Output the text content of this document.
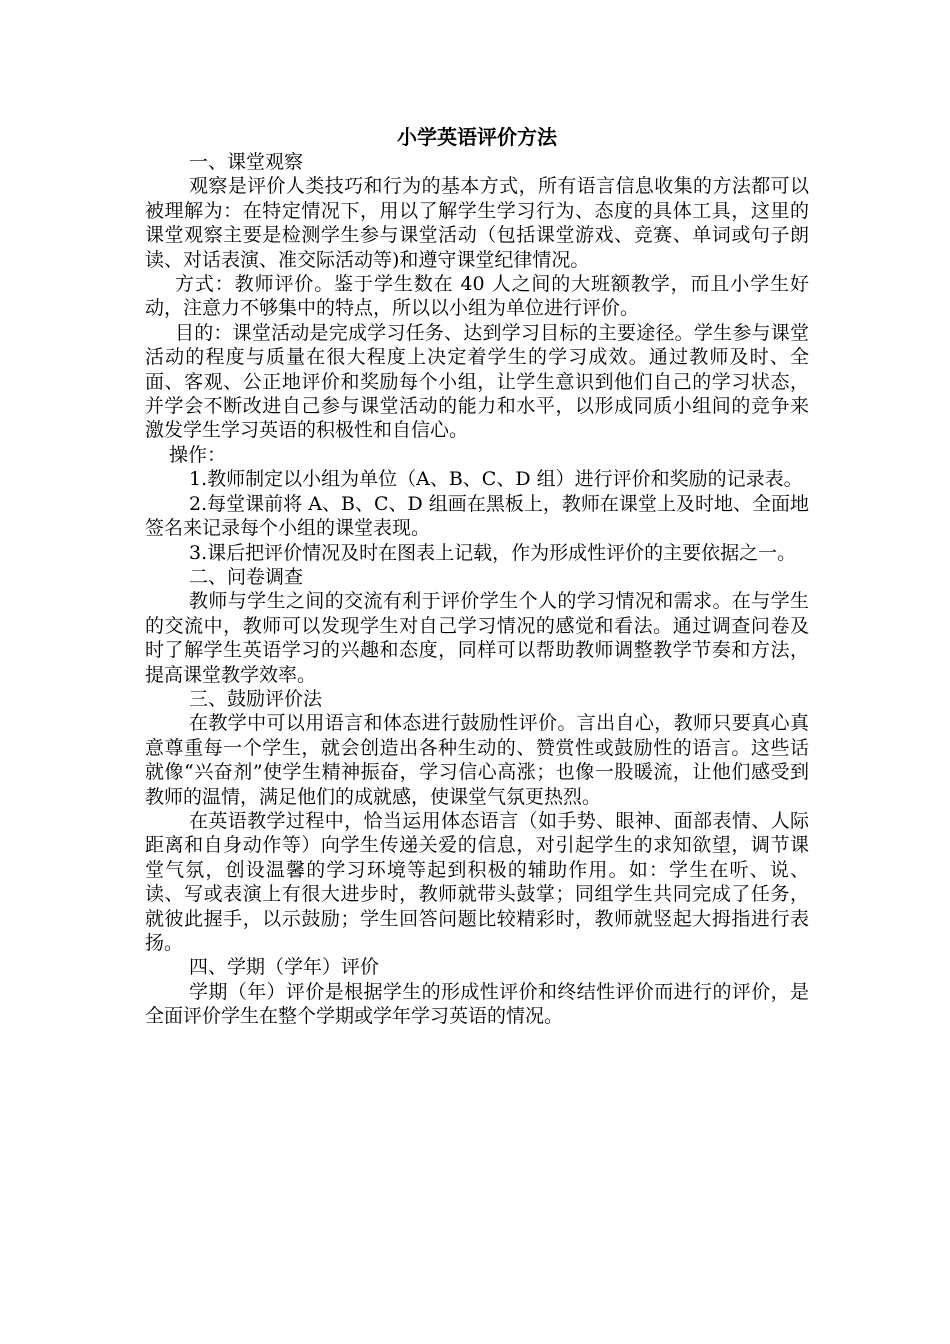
小学英语评价方法

一、课堂观察

观察是评价人类技巧和行为的基本方式，所有语言信息收集的方法都可以被理解为：在特定情况下，用以了解学生学习行为、态度的具体工具，这里的课堂观察主要是检测学生参与课堂活动（包括课堂游戏、竞赛、单词或句子朗读、对话表演、准交际活动等)和遵守课堂纪律情况。

方式：教师评价。鉴于学生数在 40 人之间的大班额教学，而且小学生好动，注意力不够集中的特点，所以以小组为单位进行评价。

目的：课堂活动是完成学习任务、达到学习目标的主要途径。学生参与课堂活动的程度与质量在很大程度上决定着学生的学习成效。通过教师及时、全面、客观、公正地评价和奖励每个小组，让学生意识到他们自己的学习状态，并学会不断改进自己参与课堂活动的能力和水平，以形成同质小组间的竞争来激发学生学习英语的积极性和自信心。

操作：

1.教师制定以小组为单位（A、B、C、D 组）进行评价和奖励的记录表。

2.每堂课前将 A、B、C、D 组画在黑板上，教师在课堂上及时地、全面地签名来记录每个小组的课堂表现。

3.课后把评价情况及时在图表上记载，作为形成性评价的主要依据之一。

二、问卷调查

教师与学生之间的交流有利于评价学生个人的学习情况和需求。在与学生的交流中，教师可以发现学生对自己学习情况的感觉和看法。通过调查问卷及时了解学生英语学习的兴趣和态度，同样可以帮助教师调整教学节奏和方法，提高课堂教学效率。

三、鼓励评价法

在教学中可以用语言和体态进行鼓励性评价。言出自心，教师只要真心真意尊重每一个学生，就会创造出各种生动的、赞赏性或鼓励性的语言。这些话就像“兴奋剂”使学生精神振奋，学习信心高涨；也像一股暖流，让他们感受到教师的温情，满足他们的成就感，使课堂气氛更热烈。

在英语教学过程中，恰当运用体态语言（如手势、眼神、面部表情、人际距离和自身动作等）向学生传递关爱的信息，对引起学生的求知欲望，调节课堂气氛，创设温馨的学习环境等起到积极的辅助作用。如：学生在听、说、读、写或表演上有很大进步时，教师就带头鼓掌；同组学生共同完成了任务，就彼此握手，以示鼓励；学生回答问题比较精彩时，教师就竖起大拇指进行表扬。

四、学期（学年）评价

学期（年）评价是根据学生的形成性评价和终结性评价而进行的评价，是全面评价学生在整个学期或学年学习英语的情况。
